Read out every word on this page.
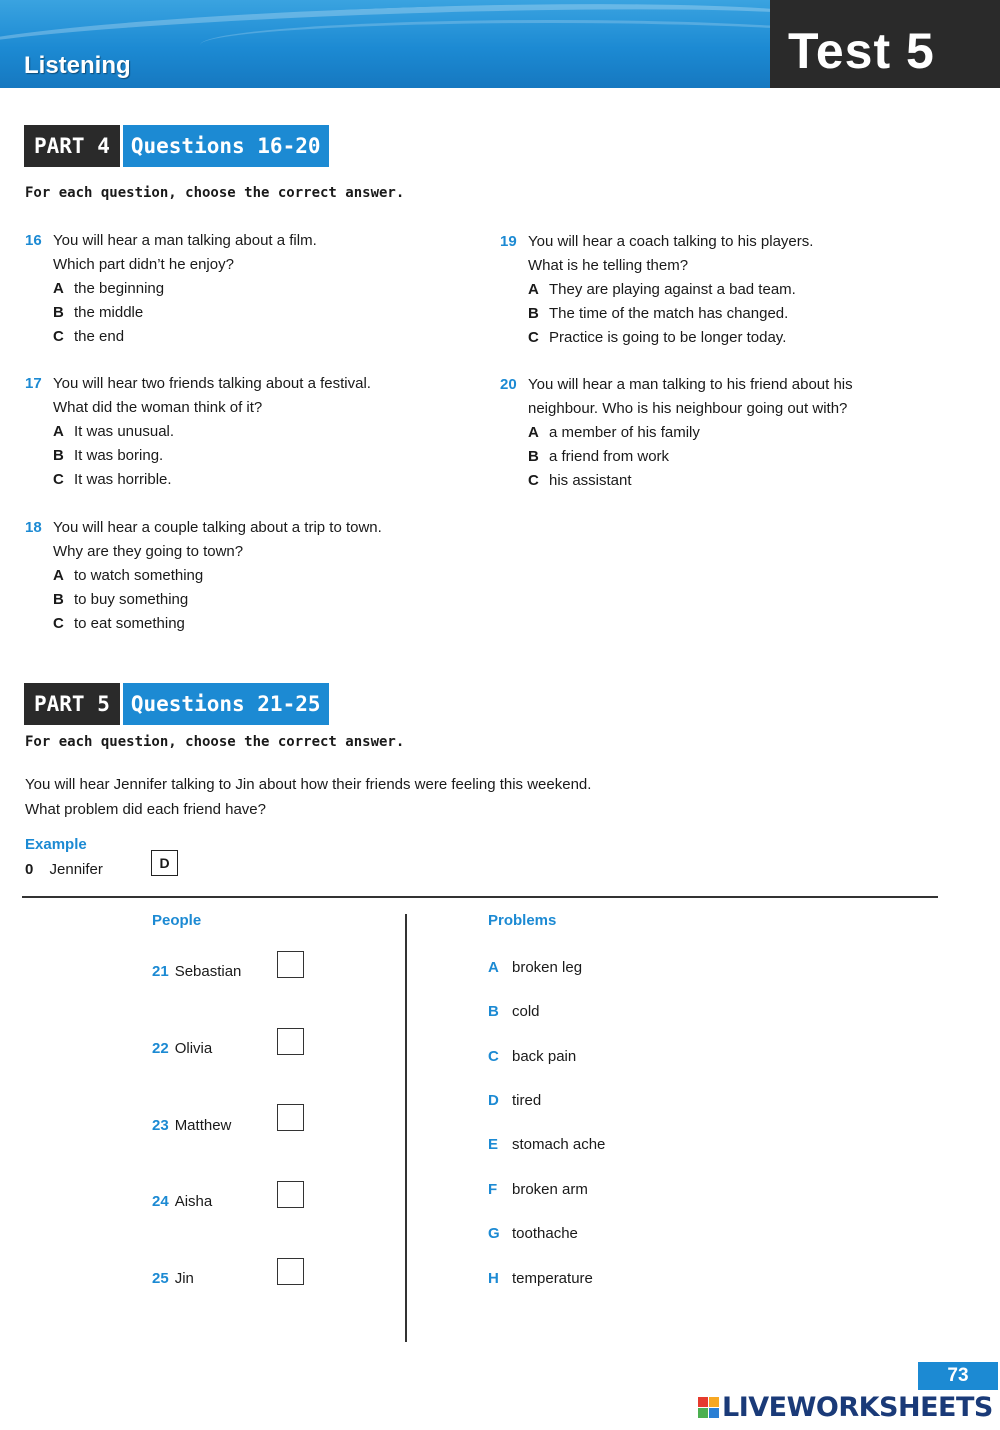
Listening	Test 5
PART 4	Questions 16-20
For each question, choose the correct answer.
16 You will hear a man talking about a film.
Which part didn’t he enjoy?
A the beginning
B the middle
C the end
17 You will hear two friends talking about a festival.
What did the woman think of it?
A It was unusual.
B It was boring.
C It was horrible.
18 You will hear a couple talking about a trip to town.
Why are they going to town?
A to watch something
B to buy something
C to eat something
19 You will hear a coach talking to his players.
What is he telling them?
A They are playing against a bad team.
B The time of the match has changed.
C Practice is going to be longer today.
20 You will hear a man talking to his friend about his
neighbour. Who is his neighbour going out with?
A a member of his family
B a friend from work
C his assistant
PART 5	Questions 21-25
For each question, choose the correct answer.
You will hear Jennifer talking to Jin about how their friends were feeling this weekend.
What problem did each friend have?
Example
0 Jennifer	D
People	Problems
21 Sebastian
22 Olivia
23 Matthew
24 Aisha
25 Jin
A broken leg
B cold
C back pain
D tired
E stomach ache
F broken arm
G toothache
H temperature
73
LIVEWORKSHEETS
